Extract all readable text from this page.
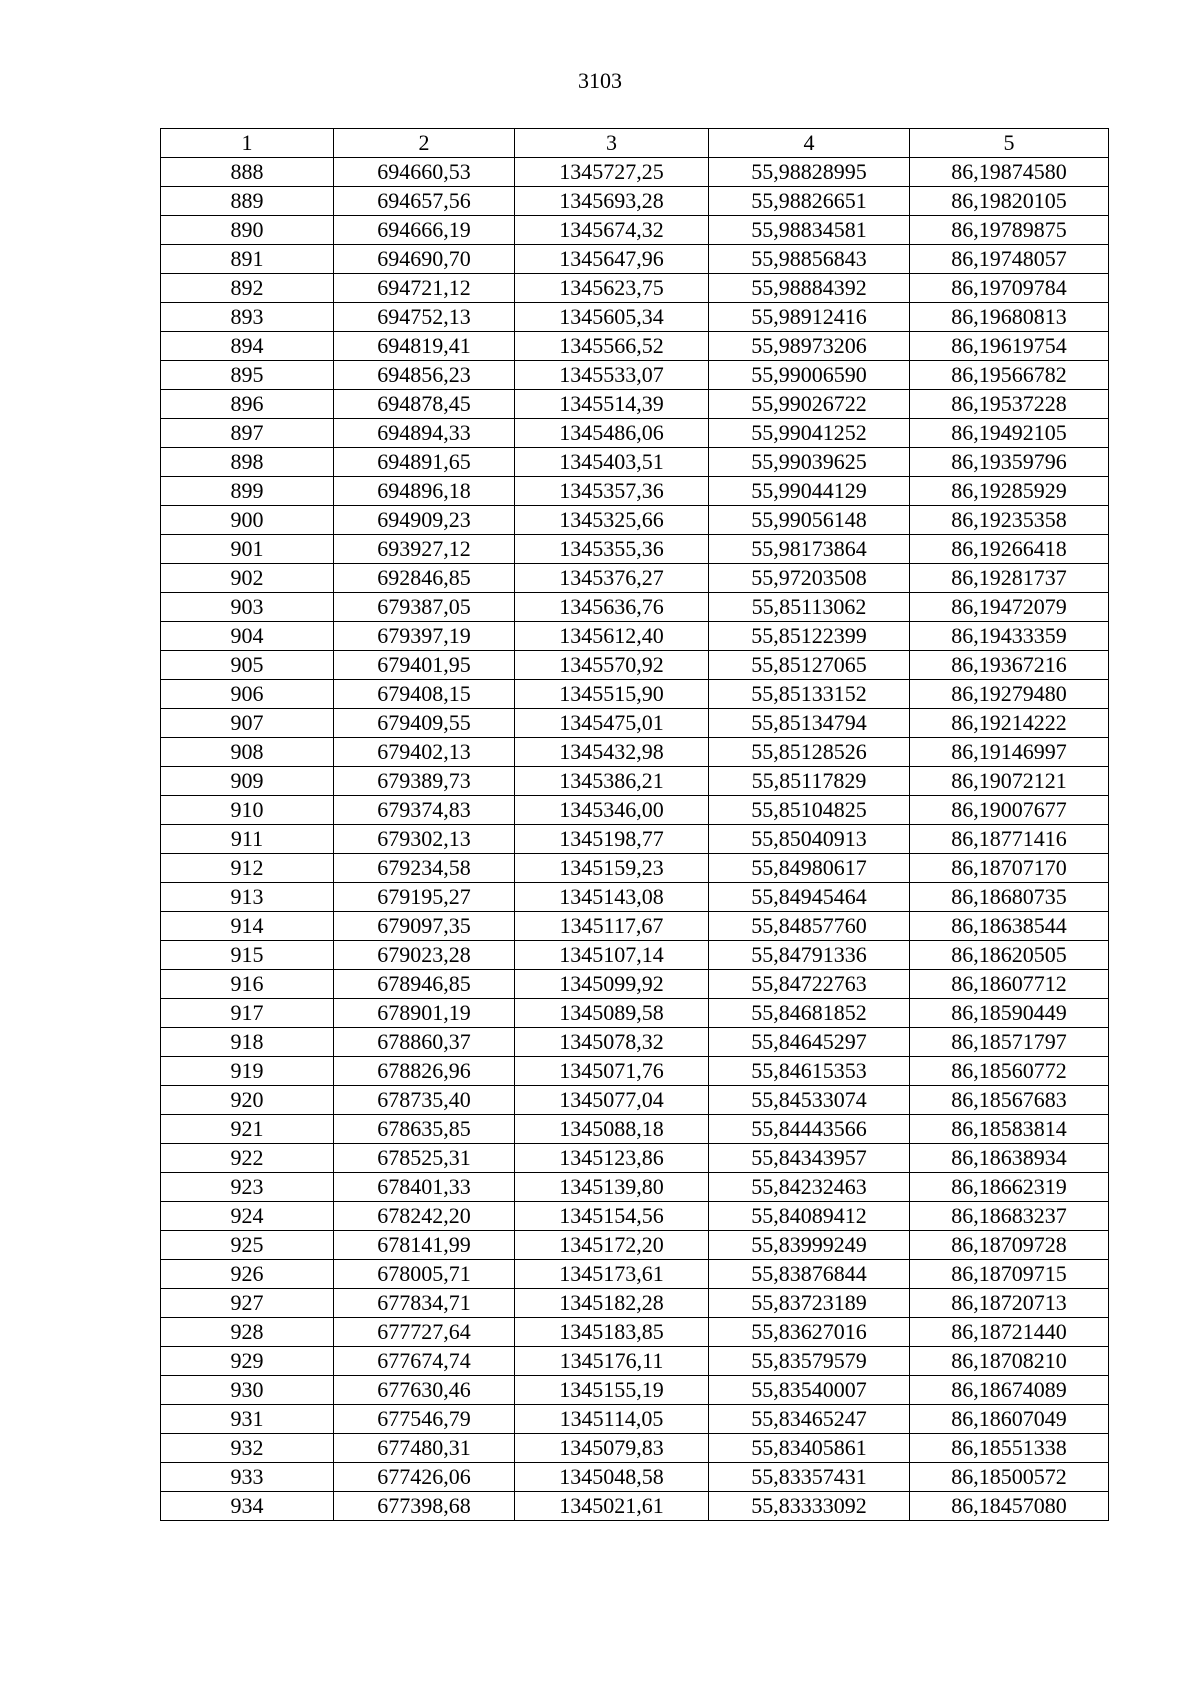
3103
1	2	3	4	5
888	694660,53	1345727,25	55,98828995	86,19874580
889	694657,56	1345693,28	55,98826651	86,19820105
890	694666,19	1345674,32	55,98834581	86,19789875
891	694690,70	1345647,96	55,98856843	86,19748057
892	694721,12	1345623,75	55,98884392	86,19709784
893	694752,13	1345605,34	55,98912416	86,19680813
894	694819,41	1345566,52	55,98973206	86,19619754
895	694856,23	1345533,07	55,99006590	86,19566782
896	694878,45	1345514,39	55,99026722	86,19537228
897	694894,33	1345486,06	55,99041252	86,19492105
898	694891,65	1345403,51	55,99039625	86,19359796
899	694896,18	1345357,36	55,99044129	86,19285929
900	694909,23	1345325,66	55,99056148	86,19235358
901	693927,12	1345355,36	55,98173864	86,19266418
902	692846,85	1345376,27	55,97203508	86,19281737
903	679387,05	1345636,76	55,85113062	86,19472079
904	679397,19	1345612,40	55,85122399	86,19433359
905	679401,95	1345570,92	55,85127065	86,19367216
906	679408,15	1345515,90	55,85133152	86,19279480
907	679409,55	1345475,01	55,85134794	86,19214222
908	679402,13	1345432,98	55,85128526	86,19146997
909	679389,73	1345386,21	55,85117829	86,19072121
910	679374,83	1345346,00	55,85104825	86,19007677
911	679302,13	1345198,77	55,85040913	86,18771416
912	679234,58	1345159,23	55,84980617	86,18707170
913	679195,27	1345143,08	55,84945464	86,18680735
914	679097,35	1345117,67	55,84857760	86,18638544
915	679023,28	1345107,14	55,84791336	86,18620505
916	678946,85	1345099,92	55,84722763	86,18607712
917	678901,19	1345089,58	55,84681852	86,18590449
918	678860,37	1345078,32	55,84645297	86,18571797
919	678826,96	1345071,76	55,84615353	86,18560772
920	678735,40	1345077,04	55,84533074	86,18567683
921	678635,85	1345088,18	55,84443566	86,18583814
922	678525,31	1345123,86	55,84343957	86,18638934
923	678401,33	1345139,80	55,84232463	86,18662319
924	678242,20	1345154,56	55,84089412	86,18683237
925	678141,99	1345172,20	55,83999249	86,18709728
926	678005,71	1345173,61	55,83876844	86,18709715
927	677834,71	1345182,28	55,83723189	86,18720713
928	677727,64	1345183,85	55,83627016	86,18721440
929	677674,74	1345176,11	55,83579579	86,18708210
930	677630,46	1345155,19	55,83540007	86,18674089
931	677546,79	1345114,05	55,83465247	86,18607049
932	677480,31	1345079,83	55,83405861	86,18551338
933	677426,06	1345048,58	55,83357431	86,18500572
934	677398,68	1345021,61	55,83333092	86,18457080
